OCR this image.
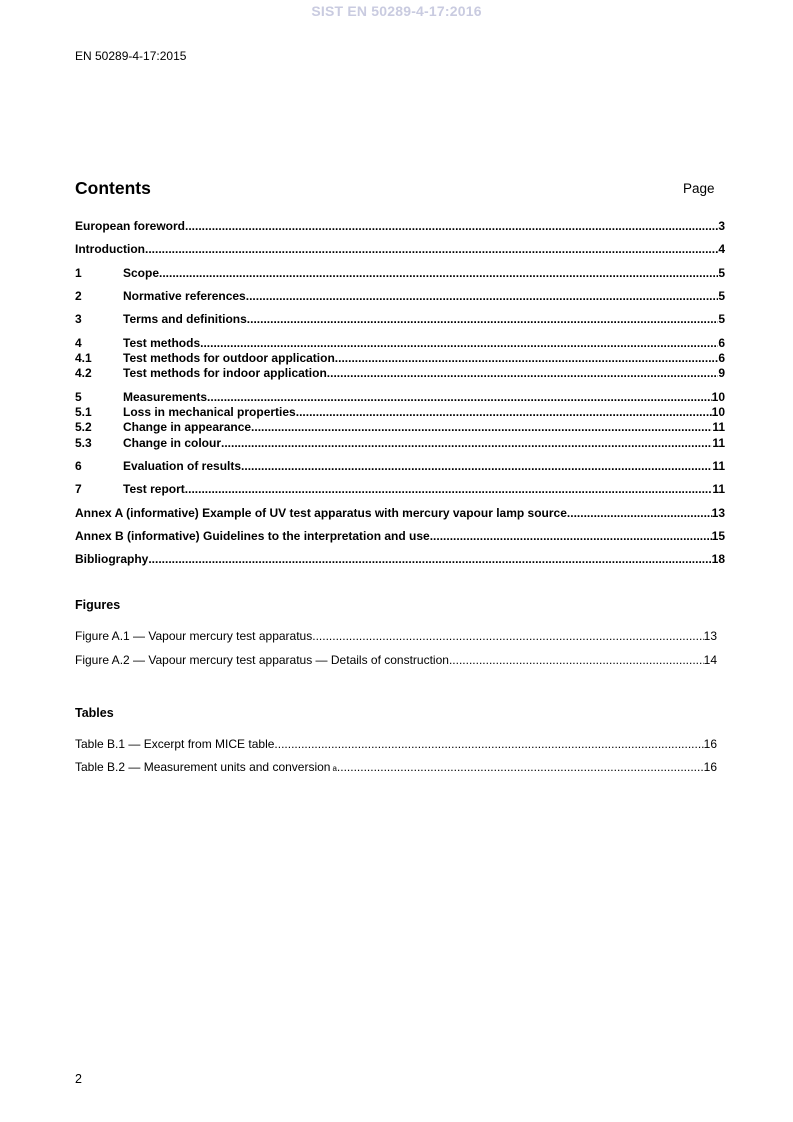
SIST EN 50289-4-17:2016
EN 50289-4-17:2015
Contents	Page
European foreword .....	3
Introduction .....	4
1	Scope .....	5
2	Normative references .....	5
3	Terms and definitions .....	5
4	Test methods .....	6
4.1	Test methods for outdoor application .....	6
4.2	Test methods for indoor application .....	9
5	Measurements .....	10
5.1	Loss in mechanical properties .....	10
5.2	Change in appearance .....	11
5.3	Change in colour .....	11
6	Evaluation of results .....	11
7	Test report .....	11
Annex A (informative) Example of UV test apparatus with mercury vapour lamp source .....	13
Annex B (informative) Guidelines to the interpretation and use .....	15
Bibliography .....	18
Figures
Figure A.1 — Vapour mercury test apparatus .....	13
Figure A.2 — Vapour mercury test apparatus — Details of construction .....	14
Tables
Table B.1 — Excerpt from MICE table .....	16
Table B.2 — Measurement units and conversion a .....	16
2
